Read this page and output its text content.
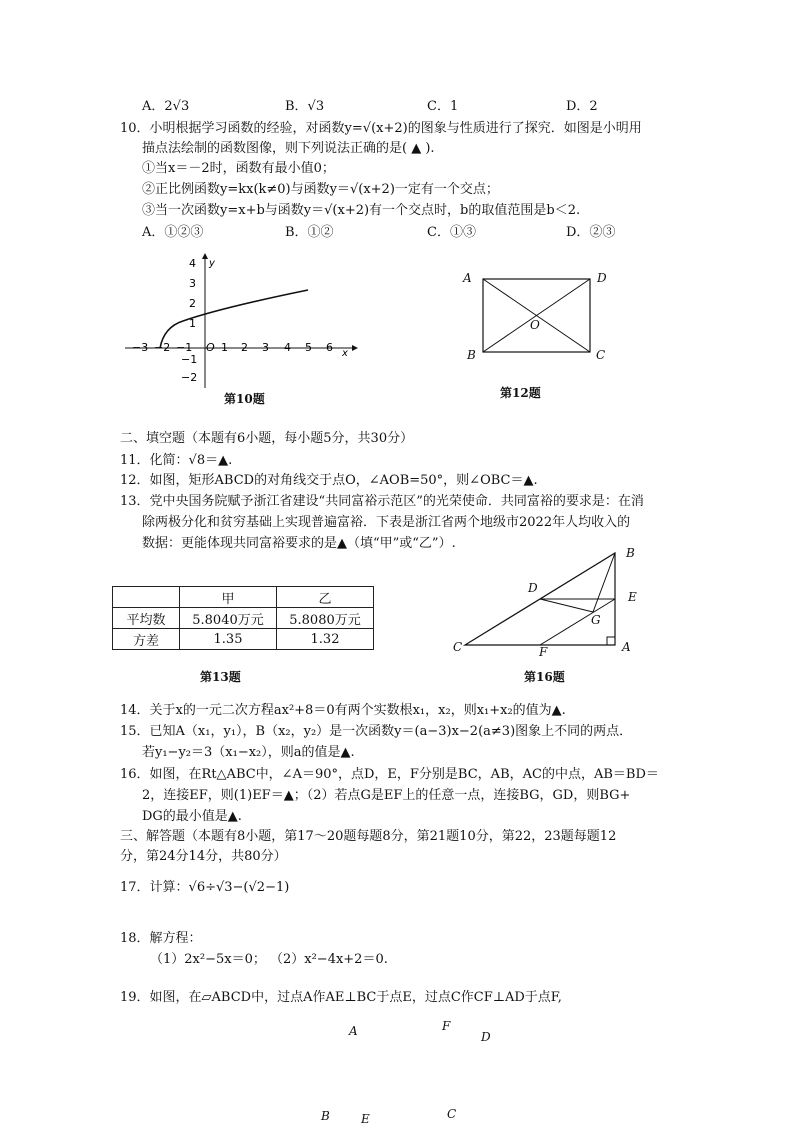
A．2√3	B．√3	C．1	D．2
10．小明根据学习函数的经验，对函数y=√(x+2)的图象与性质进行了探究．如图是小明用
描点法绘制的函数图像，则下列说法正确的是( ▲ ).
①当x＝－2时，函数有最小值0；
②正比例函数y=kx(k≠0)与函数y＝√(x+2)一定有一个交点；
③当一次函数y=x+b与函数y＝√(x+2)有一个交点时，b的取值范围是b＜2.
A．①②③	B．①②	C．①③	D．②③
−3 −2 −1	1 2 3 4 5 6
O	x
y
4
3
2
1
−1
−2
第10题
A	D
O
B	C
第12题
二、填空题（本题有6小题，每小题5分，共30分）
11．化简：√8＝▲.
12．如图，矩形ABCD的对角线交于点O，∠AOB=50°，则∠OBC＝▲.
13．党中央国务院赋予浙江省建设“共同富裕示范区”的光荣使命．共同富裕的要求是：在消
除两极分化和贫穷基础上实现普遍富裕．下表是浙江省两个地级市2022年人均收入的
数据：更能体现共同富裕要求的是▲（填“甲”或“乙”）.
	甲	乙
平均数	5.8040万元	5.8080万元
方差	1.35	1.32
第13题
B
D
E
G
C	F	A
第16题
14．关于x的一元二次方程ax²+8＝0有两个实数根x₁，x₂，则x₁+x₂的值为▲.
15．已知A（x₁，y₁），B（x₂，y₂）是一次函数y＝(a−3)x−2(a≠3)图象上不同的两点．
若y₁−y₂＝3（x₁−x₂），则a的值是▲.
16．如图，在Rt△ABC中，∠A＝90°，点D，E，F分别是BC，AB，AC的中点，AB＝BD＝
2，连接EF，则(1)EF＝▲；（2）若点G是EF上的任意一点，连接BG，GD，则BG+
DG的最小值是▲.
三、解答题（本题有8小题，第17～20题每题8分，第21题10分，第22，23题每题12
分，第24分14分，共80分）
17．计算：√6÷√3−(√2−1)
18．解方程：
（1）2x²−5x＝0； （2）x²−4x+2＝0.
19．如图，在▱ABCD中，过点A作AE⊥BC于点E，过点C作CF⊥AD于点F,
A	F
D
B	E	C
